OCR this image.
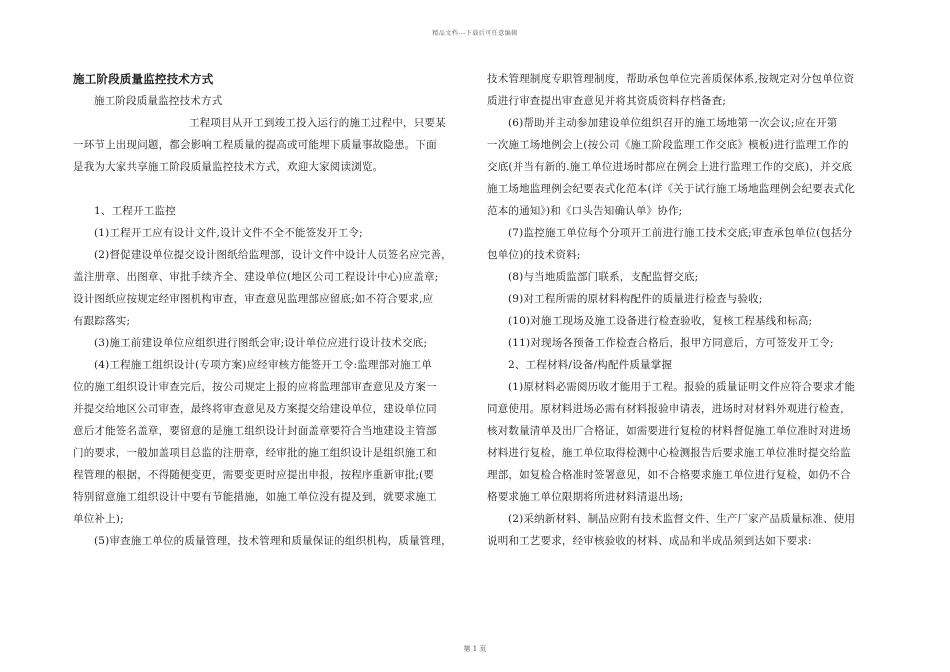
精品文档---下载后可任意编辑

施工阶段质量监控技术方式

施工阶段质量监控技术方式

工程项目从开工到竣工投入运行的施工过程中，只要某

一环节上出现问题，都会影响工程质量的提高或可能埋下质量事故隐患。下面

是我为大家共享施工阶段质量监控技术方式，欢迎大家阅读浏览。

1、工程开工监控

(1)工程开工应有设计文件,设计文件不全不能签发开工令;

(2)督促建设单位提交设计图纸给监理部，设计文件中设计人员签名应完善，

盖注册章、出图章、审批手续齐全、建设单位(地区公司工程设计中心)应盖章;

设计图纸应按规定经审图机构审查，审查意见监理部应留底;如不符合要求,应

有跟踪落实;

(3)施工前建设单位应组织进行图纸会审;设计单位应进行设计技术交底;

(4)工程施工组织设计(专项方案)应经审核方能签开工令:监理部对施工单

位的施工组织设计审查完后，按公司规定上报的应将监理部审查意见及方案一

并提交给地区公司审查，最终将审查意见及方案提交给建设单位，建设单位同

意后才能签名盖章，要留意的是施工组织设计封面盖章要符合当地建设主管部

门的要求，一般加盖项目总监的注册章，经审批的施工组织设计是组织施工和

程管理的根据，不得随便变更，需要变更时应提出申报，按程序重新审批;(要

特别留意施工组织设计中要有节能措施，如施工单位没有提及到，就要求施工

单位补上);

(5)审查施工单位的质量管理，技术管理和质量保证的组织机构，质量管理，

技术管理制度专职管理制度，帮助承包单位完善质保体系,按规定对分包单位资

质进行审查提出审查意见并将其资质资料存档备査;

(6)帮助并主动参加建设单位组织召开的施工场地第一次会议;应在开第

一次施工场地例会上(按公司《施工阶段监理工作交底》模板)进行监理工作的

交底(并当有新的.施工单位进场时都应在例会上进行监理工作的交底)，并交底

施工场地监理例会纪要表式化范本(详《关于试行施工场地监理例会纪要表式化

范本的通知》)和《口头告知确认单》协作;

(7)监控施工单位每个分项开工前进行施工技术交底;审查承包单位(包括分

包单位)的技术资料;

(8)与当地质监部门联系，支配监督交底;

(9)对工程所需的原材料构配件的质量进行检查与验收;

(10)对施工现场及施工设备进行检查验收，复核工程基线和标高;

(11)对现场各预备工作检查合格后，报甲方同意后，方可签发开工令;

2、工程材料/设备/构配件质量掌握

(1)原材料必需阅历收才能用于工程。报验的质量证明文件应符合要求才能

同意使用。原材料进场必需有材料报验申请表，进场时对材料外观进行检查，

核对数量清单及出厂合格证，如需要进行复检的材料督促施工单位准时对进场

材料进行复检，施工单位取得检测中心检测报告后要求施工单位准时提交给监

理部，如复检合格准时签署意见，如不合格要求施工单位进行复检，如仍不合

格要求施工单位限期将所进材料清退出场;

(2)采纳新材料、制品应附有技术监督文件、生产厂家产品质量标准、使用

说明和工艺要求，经审核验收的材料、成品和半成品须到达如下要求:

第 1 页
